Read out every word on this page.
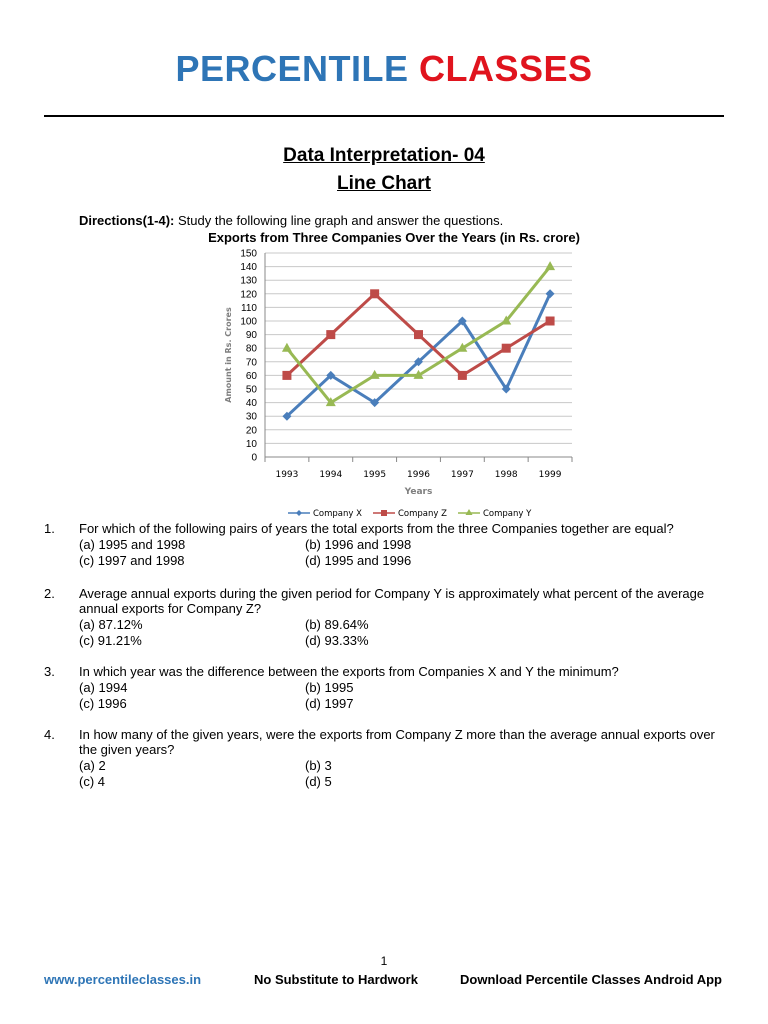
PERCENTILE CLASSES
Data Interpretation- 04
Line Chart
Directions(1-4): Study the following line graph and answer the questions.
Exports from Three Companies Over the Years (in Rs. crore)
0
10
20
30
40
50
60
70
80
90
100
110
120
130
140
150
1993 1994 1995 1996 1997 1998 1999
Years
Amount in Rs. Crores
Company X	Company Z	Company Y
1. For which of the following pairs of years the total exports from the three Companies together are equal?
(a) 1995 and 1998	(b) 1996 and 1998
(c) 1997 and 1998	(d) 1995 and 1996
2. Average annual exports during the given period for Company Y is approximately what percent of the average annual exports for Company Z?
(a) 87.12%	(b) 89.64%
(c) 91.21%	(d) 93.33%
3. In which year was the difference between the exports from Companies X and Y the minimum?
(a) 1994	(b) 1995
(c) 1996	(d) 1997
4. In how many of the given years, were the exports from Company Z more than the average annual exports over the given years?
(a) 2	(b) 3
(c) 4	(d) 5
1
www.percentileclasses.in	No Substitute to Hardwork	Download Percentile Classes Android App
